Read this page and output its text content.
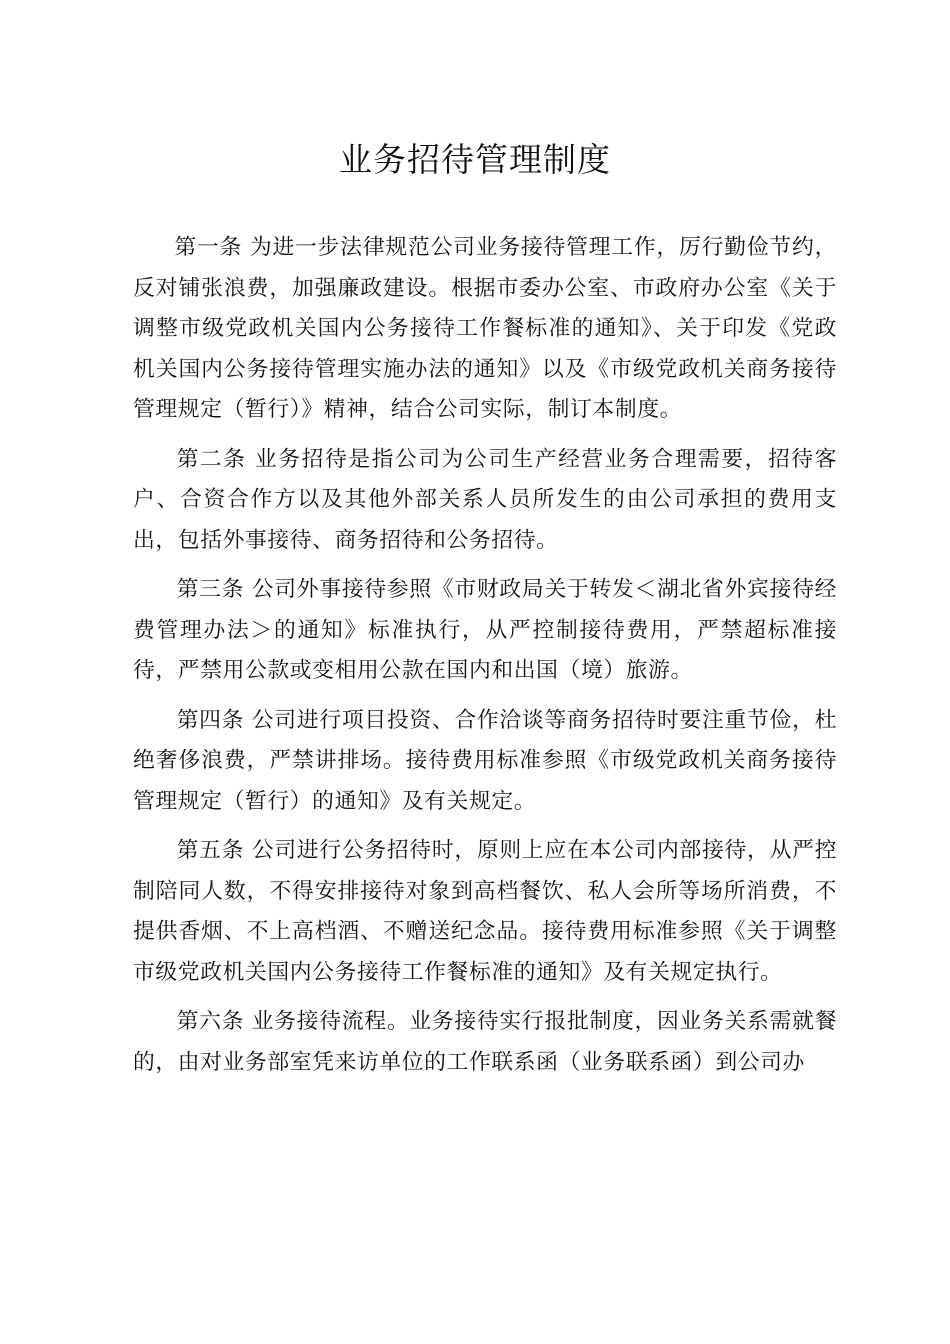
业务招待管理制度

第一条 为进一步法律规范公司业务接待管理工作，厉行勤俭节约，反对铺张浪费，加强廉政建设。根据市委办公室、市政府办公室《关于调整市级党政机关国内公务接待工作餐标准的通知》、关于印发《党政机关国内公务接待管理实施办法的通知》以及《市级党政机关商务接待管理规定（暂行）》精神，结合公司实际，制订本制度。

第二条 业务招待是指公司为公司生产经营业务合理需要，招待客户、合资合作方以及其他外部关系人员所发生的由公司承担的费用支出，包括外事接待、商务招待和公务招待。

第三条 公司外事接待参照《市财政局关于转发＜湖北省外宾接待经费管理办法＞的通知》标准执行，从严控制接待费用，严禁超标准接待，严禁用公款或变相用公款在国内和出国（境）旅游。

第四条 公司进行项目投资、合作洽谈等商务招待时要注重节俭，杜绝奢侈浪费，严禁讲排场。接待费用标准参照《市级党政机关商务接待管理规定（暂行）的通知》及有关规定。

第五条 公司进行公务招待时，原则上应在本公司内部接待，从严控制陪同人数，不得安排接待对象到高档餐饮、私人会所等场所消费，不提供香烟、不上高档酒、不赠送纪念品。接待费用标准参照《关于调整市级党政机关国内公务接待工作餐标准的通知》及有关规定执行。

第六条 业务接待流程。业务接待实行报批制度，因业务关系需就餐的，由对业务部室凭来访单位的工作联系函（业务联系函）到公司办
